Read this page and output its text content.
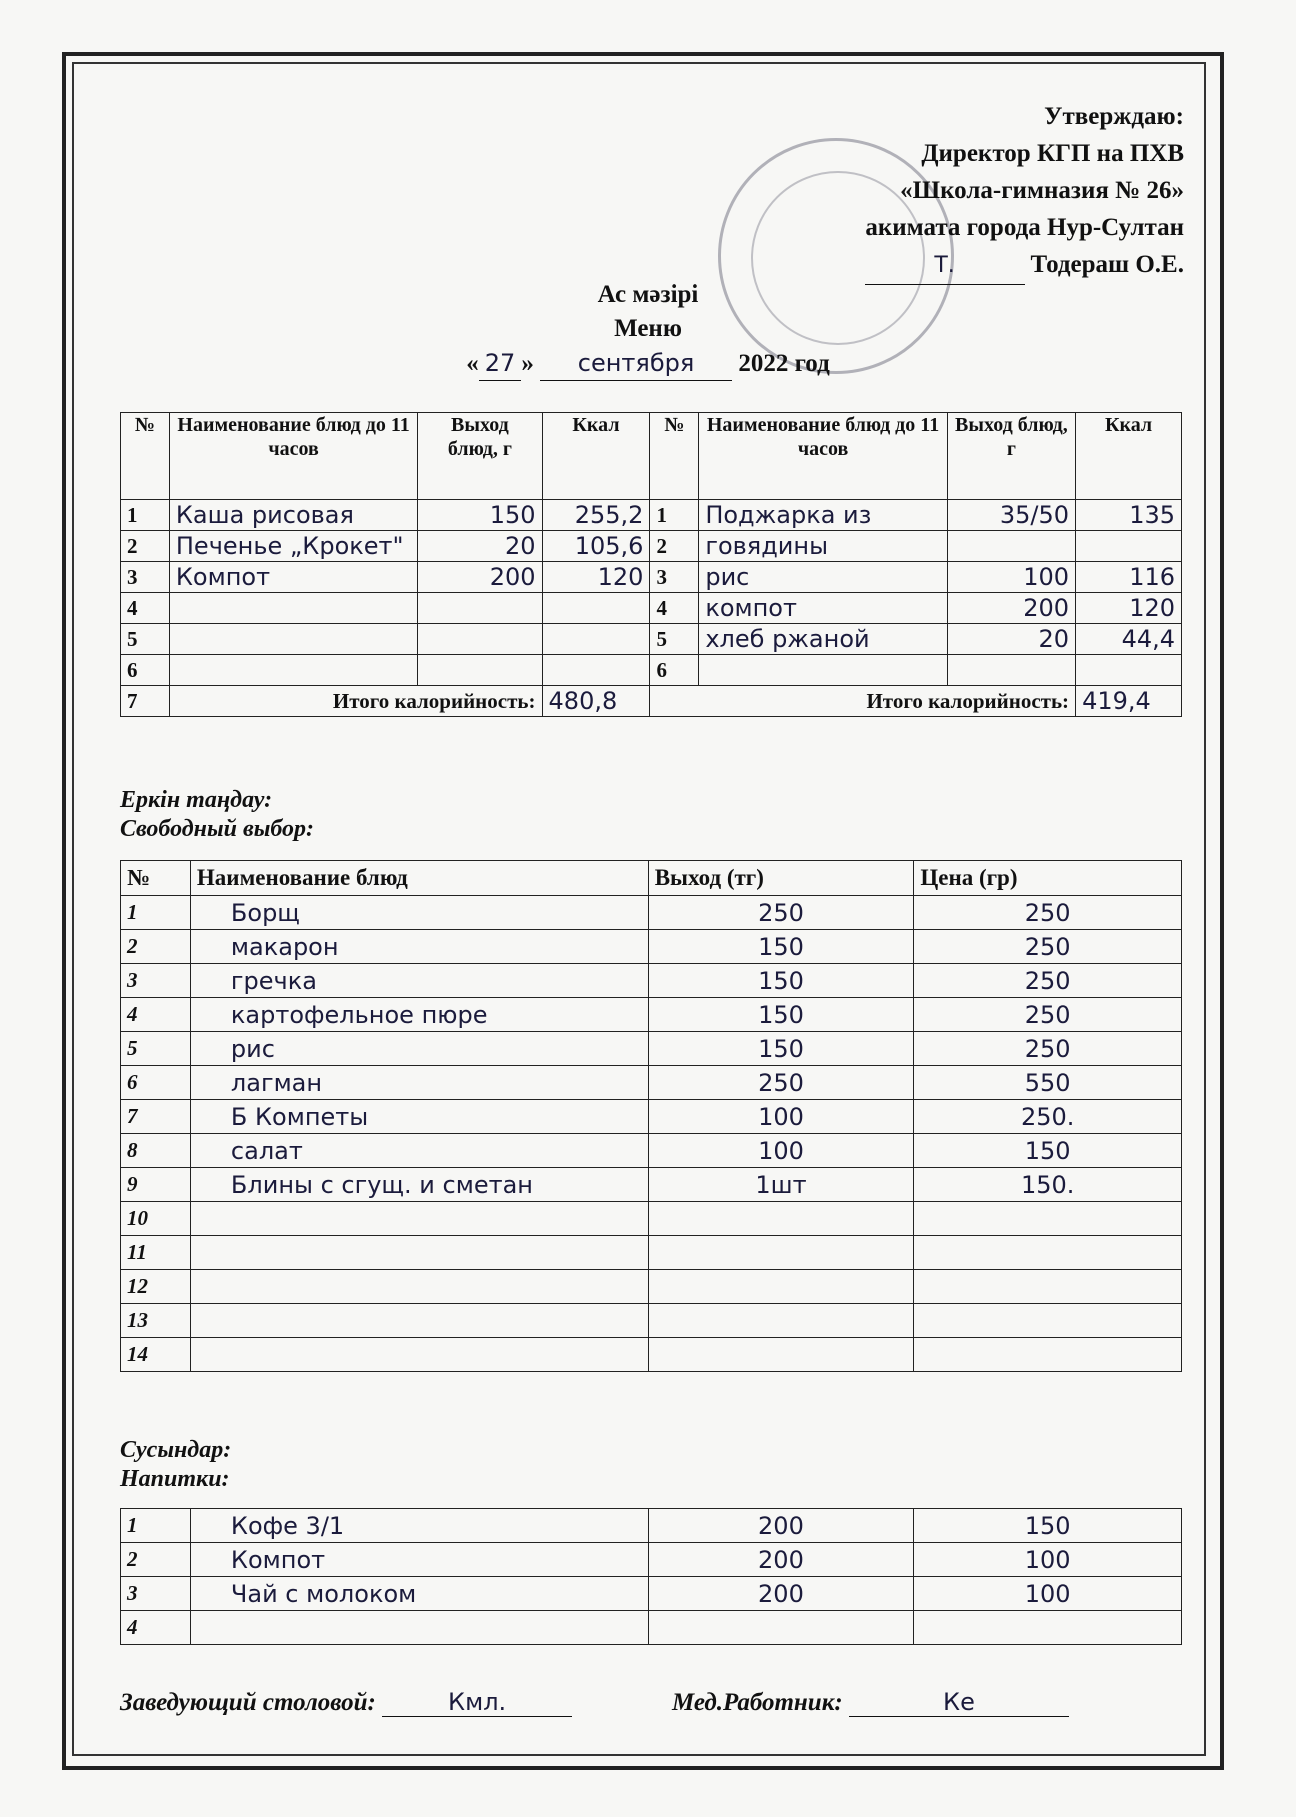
Утверждаю:
Директор КГП на ПХВ
«Школа-гимназия № 26»
акимата города Нур-Султан
Т.	Тодераш О.Е.
Ас мәзірі
Меню
« 27 » сентября 2022 год
№	Наименование блюд до 11 часов	Выход блюд, г	Ккал	№	Наименование блюд до 11 часов	Выход блюд, г	Ккал
1	Каша рисовая	150	255,2	1	Поджарка из	35/50	135
2	Печенье „Крокет"	20	105,6	2	говядины		
3	Компот	200	120	3	рис	100	116
4				4	компот	200	120
5				5	хлеб ржаной	20	44,4
6				6			
7	Итого калорийность:		480,8	Итого калорийность:			419,4
Еркін таңдау:
Свободный выбор:
№	Наименование блюд	Выход (тг)	Цена (гр)
1	Борщ	250	250
2	макарон	150	250
3	гречка	150	250
4	картофельное пюре	150	250
5	рис	150	250
6	лагман	250	550
7	Б Компеты	100	250.
8	салат	100	150
9	Блины с сгущ. и сметан	1шт	150.
10			
11			
12			
13			
14			
Сусындар:
Напитки:
1	Кофе 3/1	200	150
2	Компот	200	100
3	Чай с молоком	200	100
4			
Заведующий столовой:	Кмл.	Мед.Работник:	Ке
